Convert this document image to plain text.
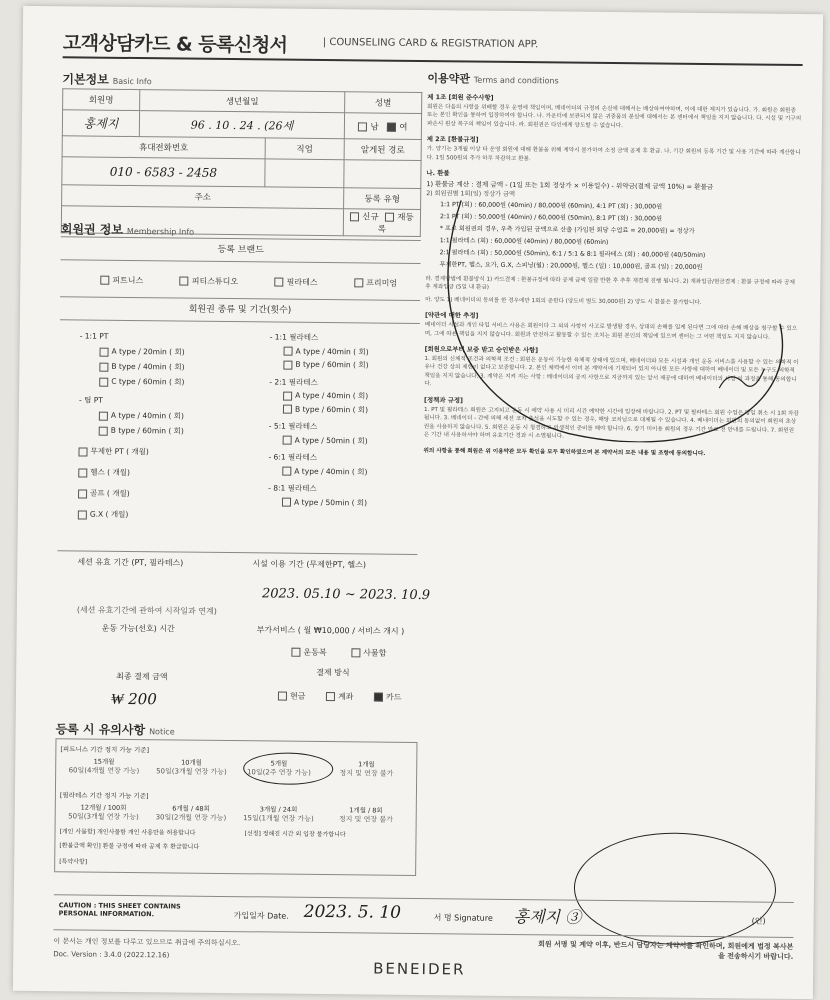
고객상담카드 & 등록신청서	| COUNSELING CARD & REGISTRATION APP.
기본정보 Basic Info
회원명	생년월일		성별
홍제지	96 . 10 . 24 . (26세		남 여
휴대전화번호		직업	알게된 경로
010 - 6583 - 2458			
주소			등록 유형
			신규 재등록
회원권 정보 Membership Info
등록 브랜드
피트니스	피티스튜디오	필라테스	프리미엄
회원권 종류 및 기간(횟수)
- 1:1 PT
A type / 20min ( 회)
B type / 40min ( 회)
C type / 60min ( 회)
- 팀 PT
A type / 40min ( 회)
B type / 60min ( 회)
무제한 PT ( 개월)
헬스 ( 개월)
골프 ( 개월)
G.X ( 개월)
- 1:1 필라테스
A type / 40min ( 회)
B type / 60min ( 회)
- 2:1 필라테스
A type / 40min ( 회)
B type / 60min ( 회)
- 5:1 필라테스
A type / 50min ( 회)
- 6:1 필라테스
A type / 40min ( 회)
- 8:1 필라테스
A type / 50min ( 회)
세션 유효 기간 (PT, 필라테스)	시설 이용 기간 (무제한PT, 헬스)
2023. 05.10 ~ 2023. 10.9
(세션 유효기간에 관하여 시작일과 연계)
운동 가능(선호) 시간	부가서비스 ( 월 ₩10,000 / 서비스 개시 )
운동복	사물함
최종 결제 금액	결제 방식
₩ 200	현금	계좌	카드
등록 시 유의사항 Notice
[피트니스 기간 정지 가능 기준]
15개월
60일(4개월 연장 가능)
10개월
50일(3개월 연장 가능)
5개월
10일(2주 연장 가능)
1개월
정지 및 연장 불가
[필라테스 기간 정지 가능 기준]
12개월 / 100회
50일(3개월 연장 가능)
6개월 / 48회
30일(2개월 연장 가능)
3개월 / 24회
15일(1개월 연장 가능)
1개월 / 8회
정지 및 연장 불가
[개인 사물함] 개인사물함 개인 사용만을 허용합니다	[선정] 정해진 시간 외 입장 불가합니다
[환불금액 확인] 환불 규정에 따라 공제 후 환급합니다
[특약사항]
이용약관 Terms and conditions
제 1조 [회원 준수사항]

회원은 다음의 사항을 위배할 경우 운영에 책임이며, 베네이더의 규정의 손실에 대해서는 배상하여야하며, 이에 대한 제지가 있습니다. 가. 회원은 회원증 또는 본인 확인을 통하여 입장하여야 합니다. 나. 카운터에 보관되지 않은 귀중품의 분실에 대해서는 본 센터에서 책임을 지지 않습니다. 다. 시설 및 기구의 파손시 원상 복구의 책임이 있습니다. 라. 회원권은 타인에게 양도할 수 없습니다.

제 2조 [환불규정]

가. 양기는 3개월 이상 타 운영 회원에 대해 환불을 위해 계약시 불가하여 소정 금액 공제 후 환급. 나. 기간 회원의 등록 기간 및 사용 기간에 따라 계산합니다. 1일 500원의 추가 하루 차감하고 환불.

나. 환불

1) 환불금 계산 : 결제 금액 - (1일 또는 1회 정상가 × 이용일수) - 위약금(결제 금액 10%) = 환불금

2) 회원권별 1회(일) 정상가 금액

1:1 PT (회) : 60,000원 (40min) / 80,000원 (60min), 4:1 PT (회) : 30,000원

2:1 PT (회) : 50,000원 (40min) / 60,000원 (50min), 8:1 PT (회) : 30,000원

* 프로 회원권의 경우, 우측 가입된 금액으로 산출 (가입된 회당 수업료 = 20,000원) = 정상가

1:1 필라테스 (회) : 60,000원 (40min) / 80,000원 (60min)

2:1 필라테스 (회) : 50,000원 (50min), 6:1 / 5:1 & 8:1 필라테스 (회) : 40,000원 (40/50min)

무제한PT, 헬스, 요가, G.X, 스피닝(월) : 20,000원, 헬스 (일) : 10,000원, 골프 (일) : 20,000원

라. 결제방법에 환불방식 1) 카드결제 : 환불규정에 따라 공제 금액 일괄 반환 후 추후 재결제 진행 됩니다. 2) 계좌입금/현금결제 : 환불 규정에 따라 공제 후 계좌입금 (5일 내 환급)

마. 양도 1) 베네이더의 동의를 한 경우에만 1회의 준한다 (양도비 별도 30,000원) 2) 양도 시 환불은 불가합니다.

[약관에 대한 추정]

베네이더 시설과 개인 타입 서비스 사용은 회원이다 그 외의 사항이 사고로 발생할 경우, 상대의 손해를 입게 된다면 그에 따라 손해 배상을 청구할 수 있으며, 그에 따른 책임을 지지 않습니다. 회원과 안전하고 활동할 수 있는 조치는 회원 본인의 책임에 있으며 센터는 그 어떤 책임도 지지 않습니다.

[회원으로부터 보증 받고 승인받은 사항]

1. 회원의 신체적 조건과 의학적 조건 : 회원은 운동이 가능한 육체적 상태에 있으며, 베네이더와 모든 시설과 개인 운동 서비스를 사용할 수 있는 의학적 이유나 건강 상의 제한이 없다고 보증합니다. 2. 본인 체력에서 이미 본 계약서에 기재되어 있지 아니한 모든 사항에 대하여 베네이더 및 모든 누구도 의학적 책임을 지지 않습니다. 3. 계약은 지켜 지는 사항 : 베네이더의 공지 사항으로 지금까지 있는 앞서 제공에 대하여 베네이더의 시정 이 과정을 통해 동의합니다.

[정책과 규정]

1. PT 및 필라테스 회원은 고지되고 운동 시 예약 사용 시 미리 시간 예약한 시간에 입장해 바랍니다. 2. PT 및 필라테스 회원 수업은 당일 취소 시 1회 차감됩니다. 3. 베네이더 - 간에 의해 세션 코치 출석을 시도할 수 있는 경우, 해당 코치님으로 대체될 수 있습니다. 4. 베네이더는 회원의 동의없이 회원의 초상권을 사용하지 않습니다. 5. 회원은 운동 시 청결하고 위생적인 준비를 해야 합니다. 6. 장기 미이용 회원의 경우 기간 만료 전 안내를 드립니다. 7. 회원권은 기간 내 사용하셔야 하며 유효기간 경과 시 소멸됩니다.

위의 사항을 통해 회원은 위 이용약관 모두 확인을 모두 확인하였으며 본 계약서의 모든 내용 및 조항에 동의합니다.

CAUTION : THIS SHEET CONTAINS PERSONAL INFORMATION.	가입일자 Date. 2023. 5. 10	서 명 Signature 홍제지 ③	(인)
이 문서는 개인 정보를 다루고 있으므로 취급에 주의하십시오.
Doc. Version : 3.4.0 (2022.12.16)
회원 서명 및 계약 이후, 반드시 담당자는 계약서를 확인하며, 회원에게 법정 복사본을 전송하시기 바랍니다.
BENEIDER
